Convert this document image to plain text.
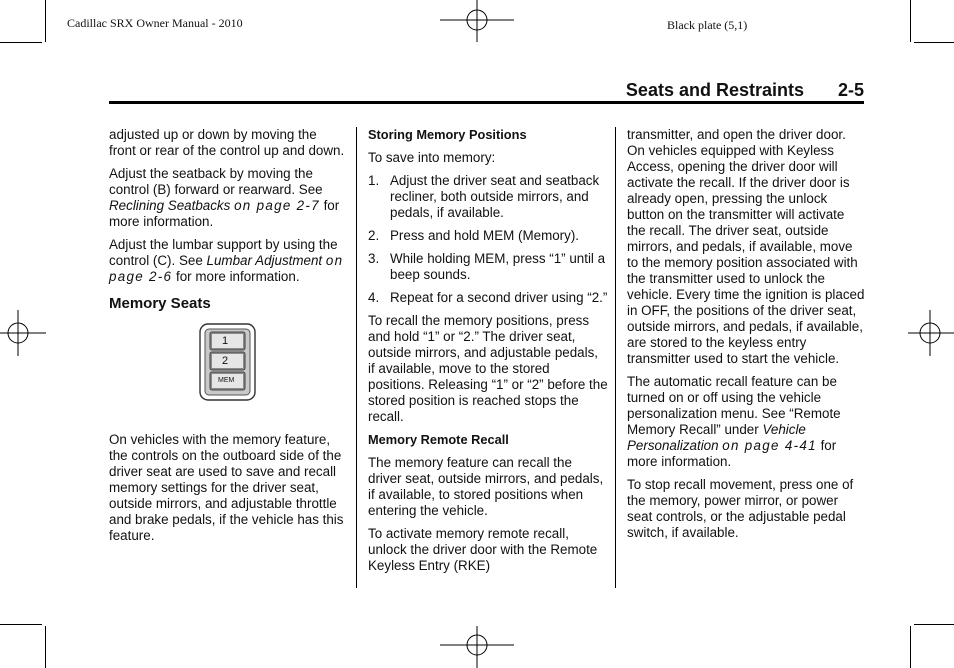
Cadillac SRX Owner Manual - 2010	Black plate (5,1)
Seats and Restraints 2-5

adjusted up or down by moving the front or rear of the control up and down.

Adjust the seatback by moving the control (B) forward or rearward. See Reclining Seatbacks on page 2-7 for more information.

Adjust the lumbar support by using the control (C). See Lumbar Adjustment on page 2-6 for more information.

Memory Seats
1
2
MEM

On vehicles with the memory feature, the controls on the outboard side of the driver seat are used to save and recall memory settings for the driver seat, outside mirrors, and adjustable throttle and brake pedals, if the vehicle has this feature.

Storing Memory Positions

To save into memory:

1. Adjust the driver seat and seatback recliner, both outside mirrors, and pedals, if available.
2. Press and hold MEM (Memory).
3. While holding MEM, press “1” until a beep sounds.
4. Repeat for a second driver using “2.”

To recall the memory positions, press and hold “1” or “2.” The driver seat, outside mirrors, and adjustable pedals, if available, move to the stored positions. Releasing “1” or “2” before the stored position is reached stops the recall.

Memory Remote Recall

The memory feature can recall the driver seat, outside mirrors, and pedals, if available, to stored positions when entering the vehicle.

To activate memory remote recall, unlock the driver door with the Remote Keyless Entry (RKE)

transmitter, and open the driver door. On vehicles equipped with Keyless Access, opening the driver door will activate the recall. If the driver door is already open, pressing the unlock button on the transmitter will activate the recall. The driver seat, outside mirrors, and pedals, if available, move to the memory position associated with the transmitter used to unlock the vehicle. Every time the ignition is placed in OFF, the positions of the driver seat, outside mirrors, and pedals, if available, are stored to the keyless entry transmitter used to start the vehicle.

The automatic recall feature can be turned on or off using the vehicle personalization menu. See “Remote Memory Recall” under Vehicle Personalization on page 4-41 for more information.

To stop recall movement, press one of the memory, power mirror, or power seat controls, or the adjustable pedal switch, if available.
